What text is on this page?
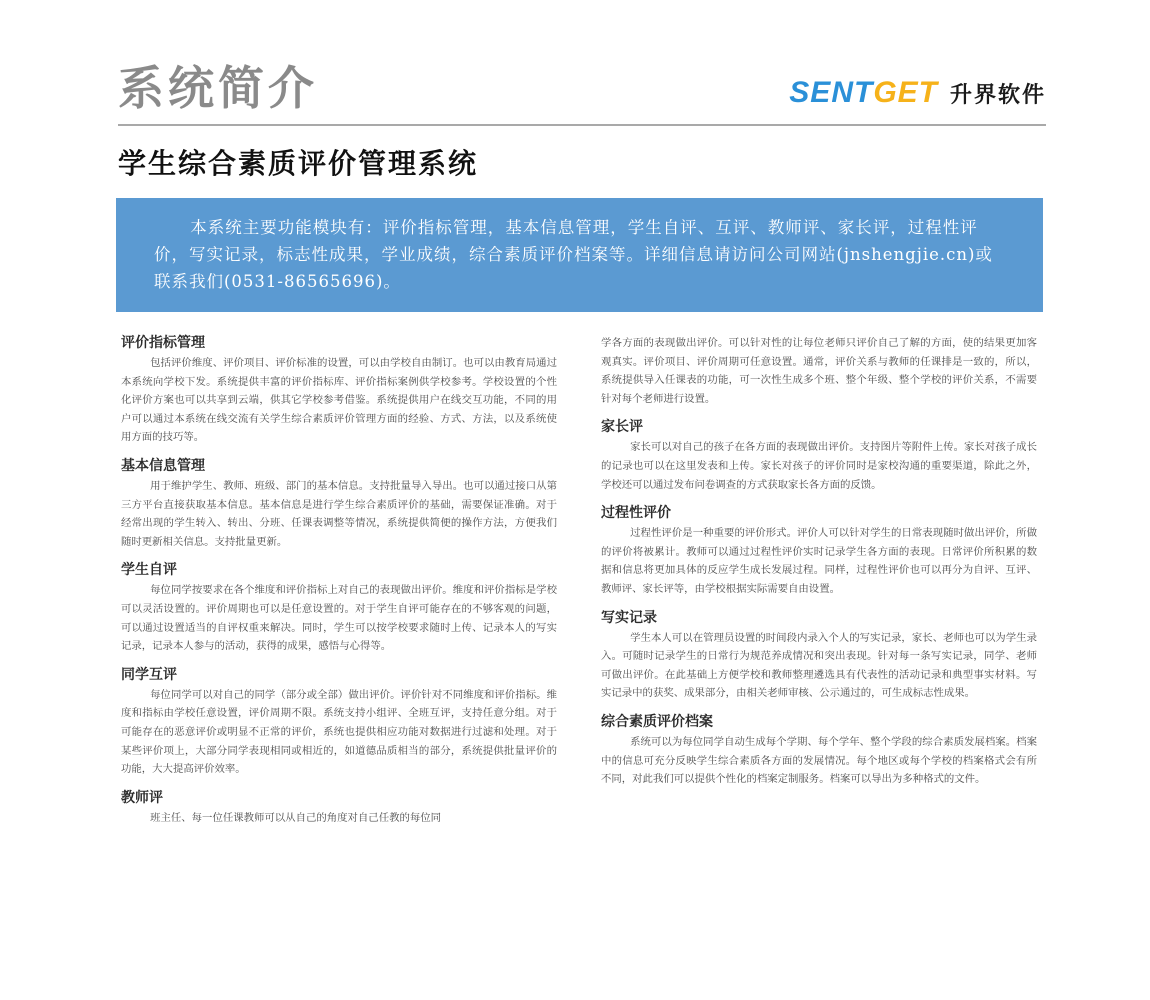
系统简介	SENT GET 升界软件
学生综合素质评价管理系统

本系统主要功能模块有：评价指标管理，基本信息管理，学生自评、互评、教师评、家长评，过程性评价，写实记录，标志性成果，学业成绩，综合素质评价档案等。详细信息请访问公司网站(jnshengjie.cn)或联系我们(0531-86565696)。

评价指标管理

包括评价维度、评价项目、评价标准的设置，可以由学校自由制订。也可以由教育局通过本系统向学校下发。系统提供丰富的评价指标库、评价指标案例供学校参考。学校设置的个性化评价方案也可以共享到云端，供其它学校参考借鉴。系统提供用户在线交互功能，不同的用户可以通过本系统在线交流有关学生综合素质评价管理方面的经验、方式、方法，以及系统使用方面的技巧等。

基本信息管理

用于维护学生、教师、班级、部门的基本信息。支持批量导入导出。也可以通过接口从第三方平台直接获取基本信息。基本信息是进行学生综合素质评价的基础，需要保证准确。对于经常出现的学生转入、转出、分班、任课表调整等情况，系统提供简便的操作方法，方便我们随时更新相关信息。支持批量更新。

学生自评

每位同学按要求在各个维度和评价指标上对自己的表现做出评价。维度和评价指标是学校可以灵活设置的。评价周期也可以是任意设置的。对于学生自评可能存在的不够客观的问题，可以通过设置适当的自评权重来解决。同时，学生可以按学校要求随时上传、记录本人的写实记录，记录本人参与的活动，获得的成果，感悟与心得等。

同学互评

每位同学可以对自己的同学（部分或全部）做出评价。评价针对不同维度和评价指标。维度和指标由学校任意设置，评价周期不限。系统支持小组评、全班互评，支持任意分组。对于可能存在的恶意评价或明显不正常的评价，系统也提供相应功能对数据进行过滤和处理。对于某些评价项上，大部分同学表现相同或相近的，如道德品质相当的部分，系统提供批量评价的功能，大大提高评价效率。

教师评

班主任、每一位任课教师可以从自己的角度对自己任教的每位同

学各方面的表现做出评价。可以针对性的让每位老师只评价自己了解的方面，使的结果更加客观真实。评价项目、评价周期可任意设置。通常，评价关系与教师的任课排是一致的，所以，系统提供导入任课表的功能，可一次性生成多个班、整个年级、整个学校的评价关系，不需要针对每个老师进行设置。

家长评

家长可以对自己的孩子在各方面的表现做出评价。支持图片等附件上传。家长对孩子成长的记录也可以在这里发表和上传。家长对孩子的评价同时是家校沟通的重要渠道，除此之外，学校还可以通过发布问卷调查的方式获取家长各方面的反馈。

过程性评价

过程性评价是一种重要的评价形式。评价人可以针对学生的日常表现随时做出评价，所做的评价将被累计。教师可以通过过程性评价实时记录学生各方面的表现。日常评价所积累的数据和信息将更加具体的反应学生成长发展过程。同样，过程性评价也可以再分为自评、互评、教师评、家长评等，由学校根据实际需要自由设置。

写实记录

学生本人可以在管理员设置的时间段内录入个人的写实记录，家长、老师也可以为学生录入。可随时记录学生的日常行为规范养成情况和突出表现。针对每一条写实记录，同学、老师可做出评价。在此基础上方便学校和教师整理遴选具有代表性的活动记录和典型事实材料。写实记录中的获奖、成果部分，由相关老师审核、公示通过的，可生成标志性成果。

综合素质评价档案

系统可以为每位同学自动生成每个学期、每个学年、整个学段的综合素质发展档案。档案中的信息可充分反映学生综合素质各方面的发展情况。每个地区或每个学校的档案格式会有所不同，对此我们可以提供个性化的档案定制服务。档案可以导出为多种格式的文件。
